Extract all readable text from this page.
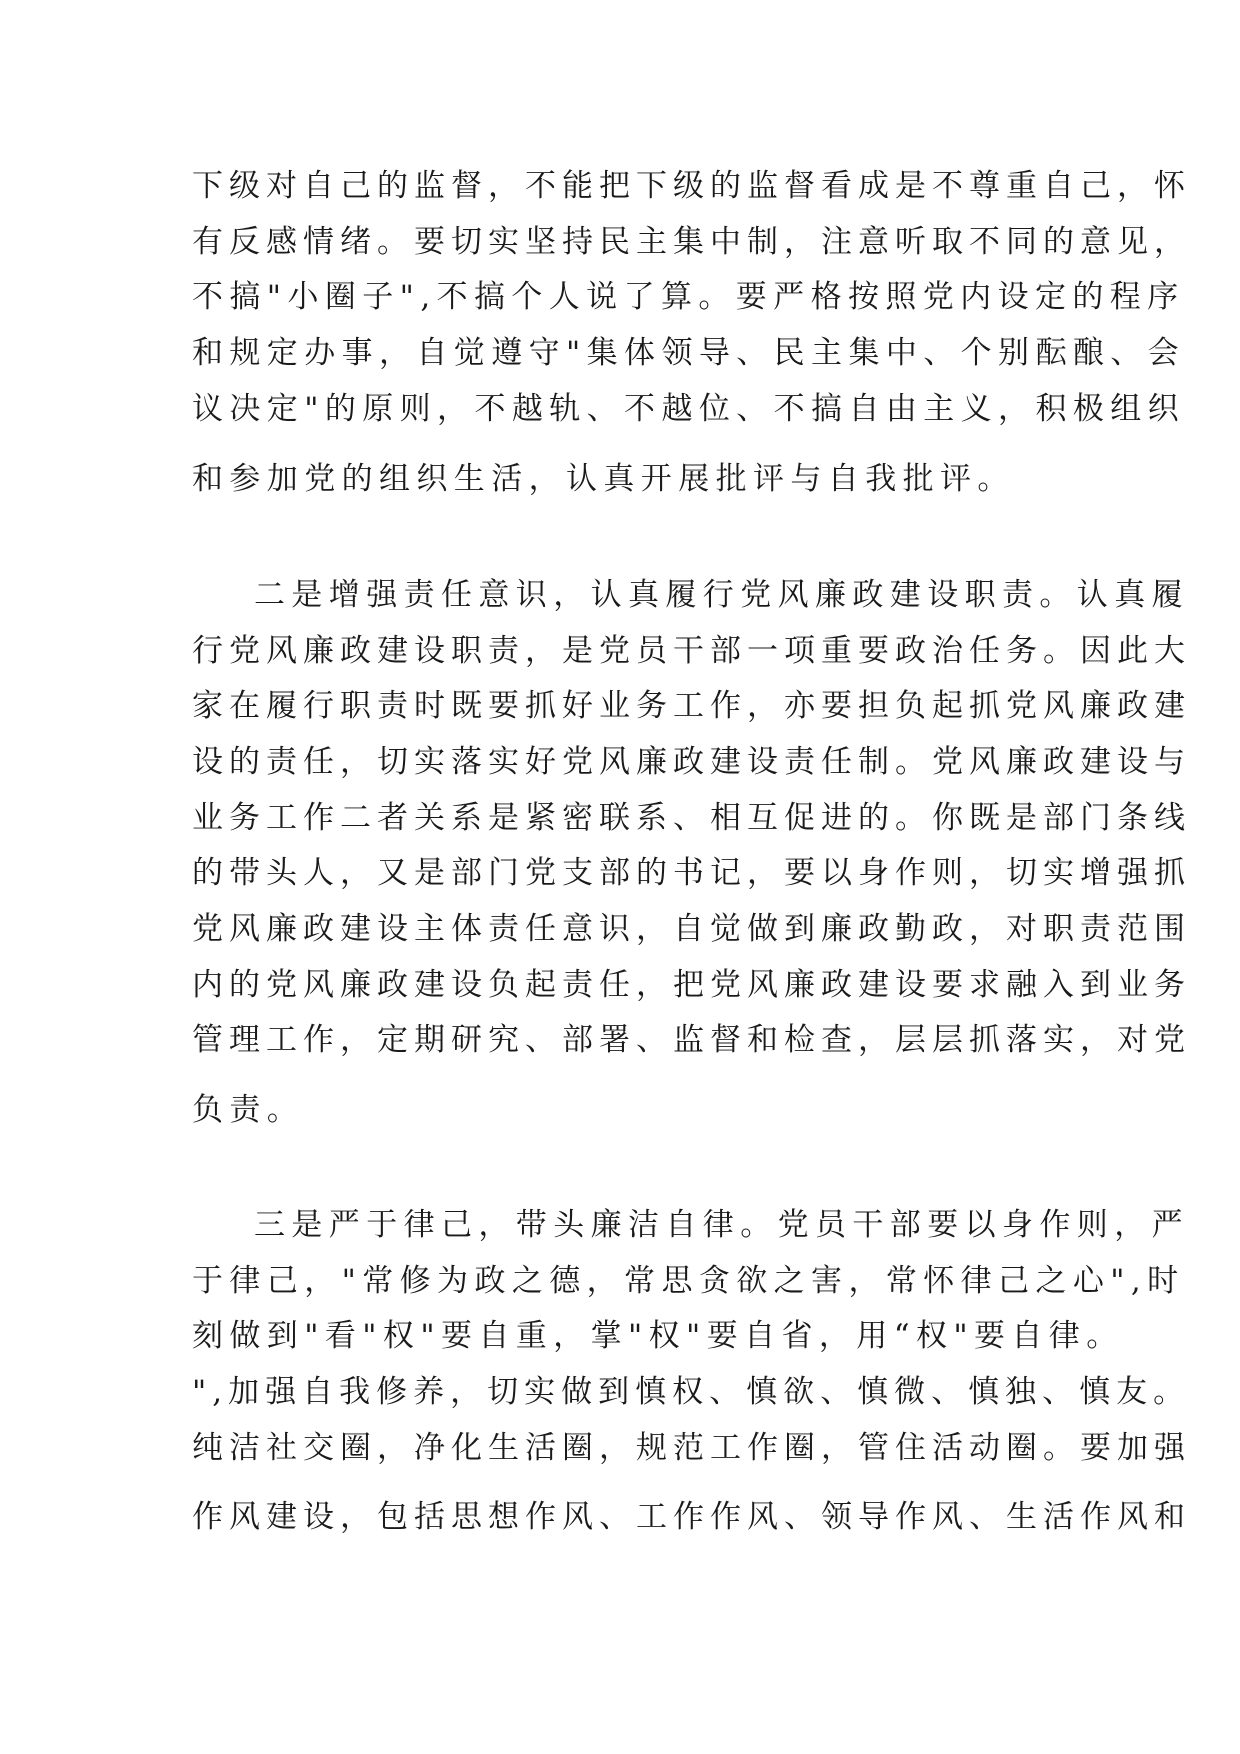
下级对自己的监督，不能把下级的监督看成是不尊重自己，怀
有反感情绪。要切实坚持民主集中制，注意听取不同的意见，
不搞"小圈子",不搞个人说了算。要严格按照党内设定的程序
和规定办事，自觉遵守"集体领导、民主集中、个别酝酿、会
议决定"的原则，不越轨、不越位、不搞自由主义，积极组织
和参加党的组织生活，认真开展批评与自我批评。
二是增强责任意识，认真履行党风廉政建设职责。认真履
行党风廉政建设职责，是党员干部一项重要政治任务。因此大
家在履行职责时既要抓好业务工作，亦要担负起抓党风廉政建
设的责任，切实落实好党风廉政建设责任制。党风廉政建设与
业务工作二者关系是紧密联系、相互促进的。你既是部门条线
的带头人，又是部门党支部的书记，要以身作则，切实增强抓
党风廉政建设主体责任意识，自觉做到廉政勤政，对职责范围
内的党风廉政建设负起责任，把党风廉政建设要求融入到业务
管理工作，定期研究、部署、监督和检查，层层抓落实，对党
负责。
三是严于律己，带头廉洁自律。党员干部要以身作则，严
于律己，"常修为政之德，常思贪欲之害，常怀律己之心",时
刻做到"看"权"要自重，掌"权"要自省，用“权"要自律。
",加强自我修养，切实做到慎权、慎欲、慎微、慎独、慎友。
纯洁社交圈，净化生活圈，规范工作圈，管住活动圈。要加强
作风建设，包括思想作风、工作作风、领导作风、生活作风和
